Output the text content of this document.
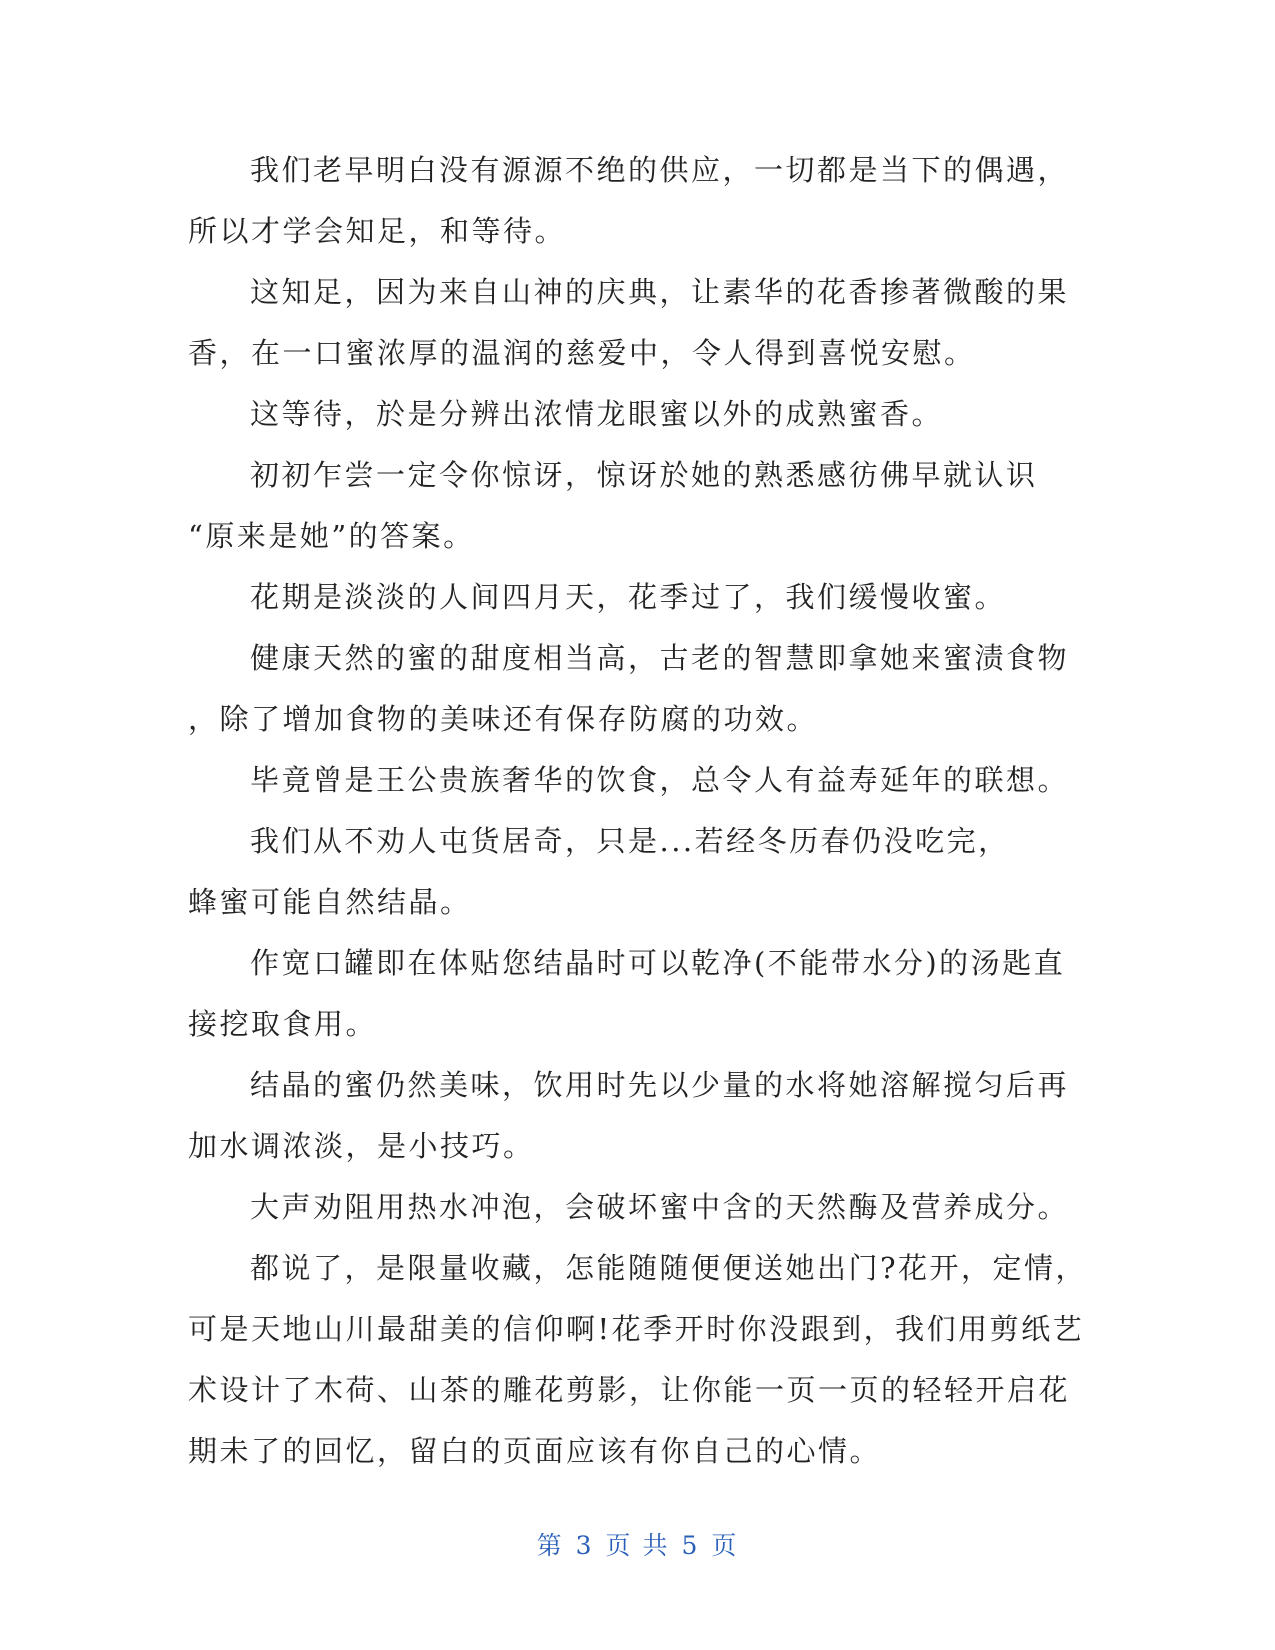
我们老早明白没有源源不绝的供应，一切都是当下的偶遇，

所以才学会知足，和等待。

这知足，因为来自山神的庆典，让素华的花香掺著微酸的果

香，在一口蜜浓厚的温润的慈爱中，令人得到喜悦安慰。

这等待，於是分辨出浓情龙眼蜜以外的成熟蜜香。

初初乍尝一定令你惊讶，惊讶於她的熟悉感彷佛早就认识

“原来是她”的答案。

花期是淡淡的人间四月天，花季过了，我们缓慢收蜜。

健康天然的蜜的甜度相当高，古老的智慧即拿她来蜜渍食物

，除了增加食物的美味还有保存防腐的功效。

毕竟曾是王公贵族奢华的饮食，总令人有益寿延年的联想。

我们从不劝人屯货居奇，只是...若经冬历春仍没吃完，

蜂蜜可能自然结晶。

作宽口罐即在体贴您结晶时可以乾净(不能带水分)的汤匙直

接挖取食用。

结晶的蜜仍然美味，饮用时先以少量的水将她溶解搅匀后再

加水调浓淡，是小技巧。

大声劝阻用热水冲泡，会破坏蜜中含的天然酶及营养成分。

都说了，是限量收藏，怎能随随便便送她出门?花开，定情，

可是天地山川最甜美的信仰啊!花季开时你没跟到，我们用剪纸艺

术设计了木荷、山茶的雕花剪影，让你能一页一页的轻轻开启花

期未了的回忆，留白的页面应该有你自己的心情。

第 3 页 共 5 页
